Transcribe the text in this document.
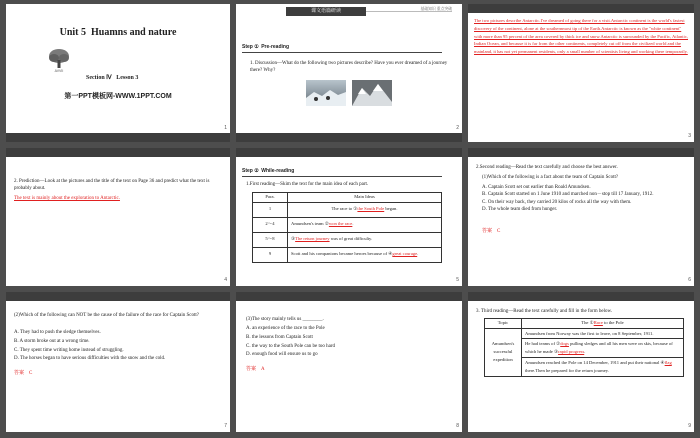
Unit 5 Huamns and nature
AVVII
Section Ⅳ Lesson 3
第一PPT模板网-WWW.1PPT.COM
1
课文语篇研读	基础知识 重点突破
Step ① Pre-reading
1. Discussion—What do the following two pictures describe? Have you ever dreamed of a journey there? Why?
2
The two pictures describe Antarctic.I've dreamed of going there for a visit.Antarctic continent is the world's fastest discovery of the continent, alone at the southernmost tip of the Earth.Antarctic is known as the "white continent" with more than 95 percent of the area covered by thick ice and snow.Antarctic is surrounded by the Pacific, Atlantic, Indian Ocean, and because it is far from the other continents, completely cut off from the civilized world and the mainland, it has not yet permanent residents, only a small number of scientists living and working there temporarily.
3
2. Prediction—Look at the pictures and the title of the text on Page 36 and predict what the text is probably about.
The text is mainly about the exploration to Antarctic.
4
Step ② While-reading
1.First reading—Skim the text for the main idea of each part.
Para.	Main Ideas
1	The race to ①the South Pole began.
2～4	Amundsen's team ②won the race.
5～8	③The return journey was of great difficulty.
9	Scott and his companions became heroes because of ④great courage.
5
2.Second reading—Read the text carefully and choose the best answer.
(1)Which of the following is a fact about the team of Captain Scott?
A. Captain Scott set out earlier than Roald Amundsen.
B. Captain Scott started on 1 June 1910 and marched non－stop till 17 January, 1912.
C. On their way back, they carried 20 kilos of rocks all the way with them.
D. The whole team died from hunger.
答案 C
6
(2)Which of the following can NOT be the cause of the failure of the race for Captain Scott?
A. They had to push the sledge themselves.
B. A storm broke out at a wrong time.
C. They spent time writing home instead of struggling.
D. The horses began to have serious difficulties with the snow and the cold.
答案 C
7
(3)The story mainly tells us ________.
A. an experience of the race to the Pole
B. the lessons from Captain Scott
C. the way to the South Pole can be too hard
D. enough food will ensure us to go
答案 A
8
3. Third reading—Read the text carefully and fill in the form below.
Topic	The ①Race to the Pole
Amundsen's successful expedition	Amundsen from Norway was the first to leave, on 8 September, 1911.
	He had teams of ②dogs pulling sledges and all his men were on skis, because of which he made ③rapid progress.
	Amundsen reached the Pole on 14 December, 1911 and put their national ④flag there.Then he prepared for the return journey.
9
